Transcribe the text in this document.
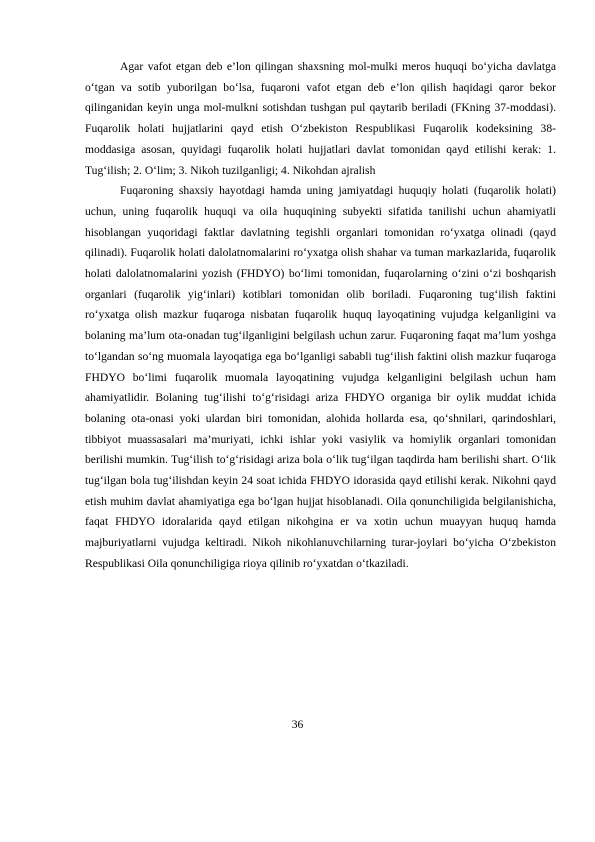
Agar vafot etgan deb e’lon qilingan shaxsning mol-mulki meros huquqi bo‘yicha davlatga o‘tgan va sotib yuborilgan bo‘lsa, fuqaroni vafot etgan deb e’lon qilish haqidagi qaror bekor qilinganidan keyin unga mol-mulkni sotishdan tushgan pul qaytarib beriladi (FKning 37-moddasi). Fuqarolik holati hujjatlarini qayd etish O‘zbekiston Respublikasi Fuqarolik kodeksining 38-moddasiga asosan, quyidagi fuqarolik holati hujjatlari davlat tomonidan qayd etilishi kerak: 1. Tug‘ilish; 2. O‘lim; 3. Nikoh tuzilganligi; 4. Nikohdan ajralish

Fuqaroning shaxsiy hayotdagi hamda uning jamiyatdagi huquqiy holati (fuqarolik holati) uchun, uning fuqarolik huquqi va oila huquqining subyekti sifatida tanilishi uchun ahamiyatli hisoblangan yuqoridagi faktlar davlatning tegishli organlari tomonidan ro‘yxatga olinadi (qayd qilinadi). Fuqarolik holati dalolatnomalarini ro‘yxatga olish shahar va tuman markazlarida, fuqarolik holati dalolatnomalarini yozish (FHDYO) bo‘limi tomonidan, fuqarolarning o‘zini o‘zi boshqarish organlari (fuqarolik yig‘inlari) kotiblari tomonidan olib boriladi. Fuqaroning tug‘ilish faktini ro‘yxatga olish mazkur fuqaroga nisbatan fuqarolik huquq layoqatining vujudga kelganligini va bolaning ma’lum ota-onadan tug‘ilganligini belgilash uchun zarur. Fuqaroning faqat ma’lum yoshga to‘lgandan so‘ng muomala layoqatiga ega bo‘lganligi sababli tug‘ilish faktini olish mazkur fuqaroga FHDYO bo‘limi fuqarolik muomala layoqatining vujudga kelganligini belgilash uchun ham ahamiyatlidir. Bolaning tug‘ilishi to‘g‘risidagi ariza FHDYO organiga bir oylik muddat ichida bolaning ota-onasi yoki ulardan biri tomonidan, alohida hollarda esa, qo‘shnilari, qarindoshlari, tibbiyot muassasalari ma’muriyati, ichki ishlar yoki vasiylik va homiylik organlari tomonidan berilishi mumkin. Tug‘ilish to‘g‘risidagi ariza bola o‘lik tug‘ilgan taqdirda ham berilishi shart. O‘lik tug‘ilgan bola tug‘ilishdan keyin 24 soat ichida FHDYO idorasida qayd etilishi kerak. Nikohni qayd etish muhim davlat ahamiyatiga ega bo‘lgan hujjat hisoblanadi. Oila qonunchiligida belgilanishicha, faqat FHDYO idoralarida qayd etilgan nikohgina er va xotin uchun muayyan huquq hamda majburiyatlarni vujudga keltiradi. Nikoh nikohlanuvchilarning turar-joylari bo‘yicha O‘zbekiston Respublikasi Oila qonunchiligiga rioya qilinib ro‘yxatdan o‘tkaziladi.

36
